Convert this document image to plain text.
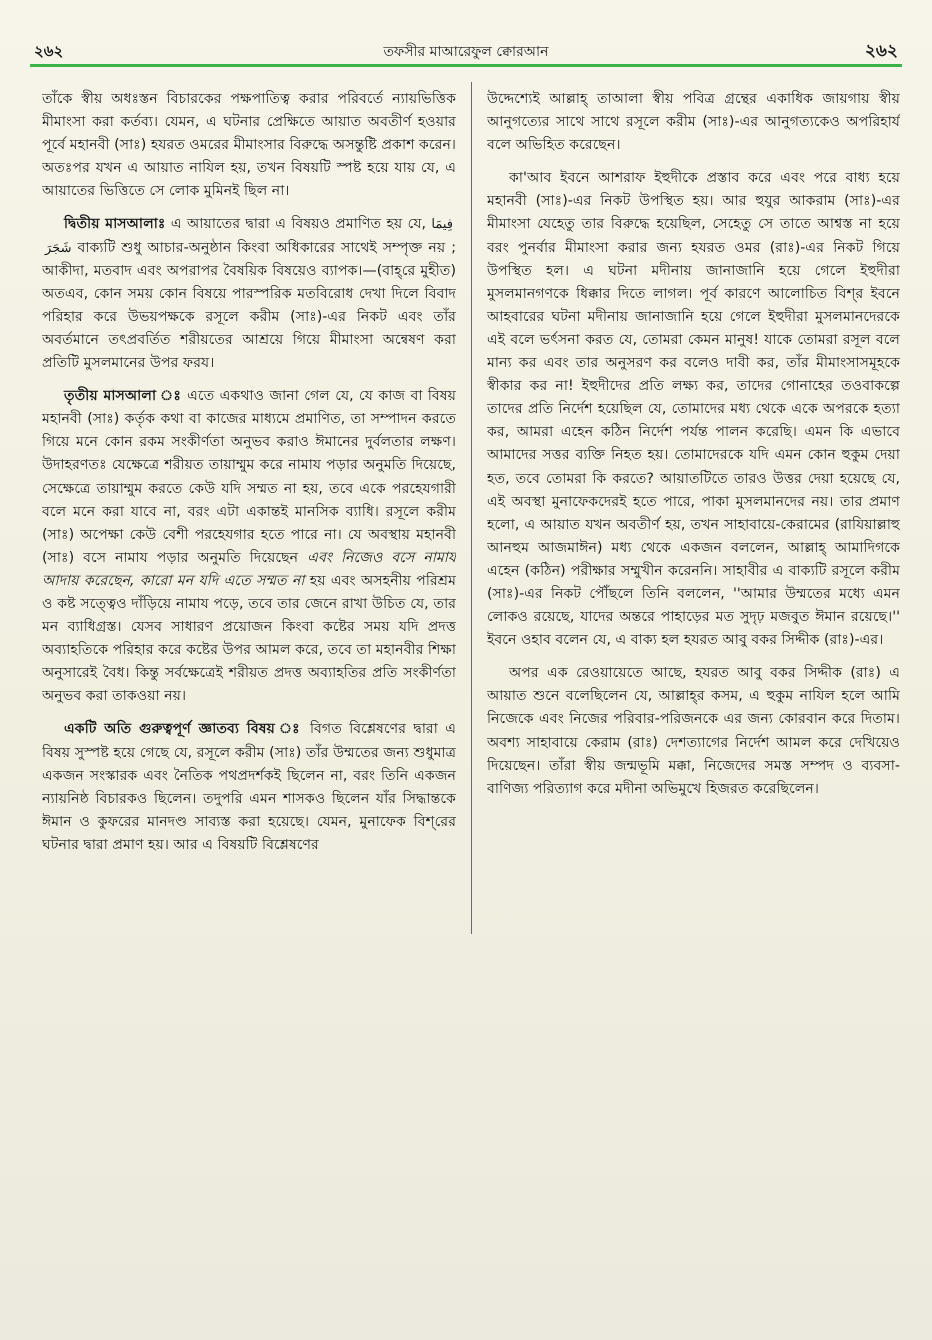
২৬২	তফসীর মাআরেফুল ক্বোরআন	২৬২

তাঁকে স্বীয় অধঃস্তন বিচারকের পক্ষপাতিত্ব করার পরিবর্তে ন্যায়ভিত্তিক মীমাংসা করা কর্তব্য। যেমন, এ ঘটনার প্রেক্ষিতে আয়াত অবতীর্ণ হওয়ার পূর্বে মহানবী (সাঃ) হযরত ওমরের মীমাংসার বিরুদ্ধে অসন্তুষ্টি প্রকাশ করেন। অতঃপর যখন এ আয়াত নাযিল হয়, তখন বিষয়টি স্পষ্ট হয়ে যায় যে, এ আয়াতের ভিত্তিতে সে লোক মুমিনই ছিল না।

দ্বিতীয় মাসআলাঃ এ আয়াতের দ্বারা এ বিষয়ও প্রমাণিত হয় যে, فِيمَا شَجَرَ বাক্যটি শুধু আচার-অনুষ্ঠান কিংবা অধিকারের সাথেই সম্পৃক্ত নয় ; আকীদা, মতবাদ এবং অপরাপর বৈষয়িক বিষয়েও ব্যাপক।—(বাহ্‌রে মুহীত) অতএব, কোন সময় কোন বিষয়ে পারস্পরিক মতবিরোধ দেখা দিলে বিবাদ পরিহার করে উভয়পক্ষকে রসূলে করীম (সাঃ)-এর নিকট এবং তাঁর অবর্তমানে তৎপ্রবর্তিত শরীয়তের আশ্রয়ে গিয়ে মীমাংসা অন্বেষণ করা প্রতিটি মুসলমানের উপর ফরয।

তৃতীয় মাসআলা ঃ এতে একথাও জানা গেল যে, যে কাজ বা বিষয় মহানবী (সাঃ) কর্তৃক কথা বা কাজের মাধ্যমে প্রমাণিত, তা সম্পাদন করতে গিয়ে মনে কোন রকম সংকীর্ণতা অনুভব করাও ঈমানের দুর্বলতার লক্ষণ। উদাহরণতঃ যেক্ষেত্রে শরীয়ত তায়াম্মুম করে নামায পড়ার অনুমতি দিয়েছে, সেক্ষেত্রে তায়াম্মুম করতে কেউ যদি সম্মত না হয়, তবে একে পরহেযগারী বলে মনে করা যাবে না, বরং এটা একান্তই মানসিক ব্যাধি। রসূলে করীম (সাঃ) অপেক্ষা কেউ বেশী পরহেযগার হতে পারে না। যে অবস্থায় মহানবী (সাঃ) বসে নামায পড়ার অনুমতি দিয়েছেন এবং নিজেও বসে নামায আদায় করেছেন, কারো মন যদি এতে সম্মত না হয় এবং অসহনীয় পরিশ্রম ও কষ্ট সত্ত্বেও দাঁড়িয়ে নামায পড়ে, তবে তার জেনে রাখা উচিত যে, তার মন ব্যাধিগ্রস্ত। যেসব সাধারণ প্রয়োজন কিংবা কষ্টের সময় যদি প্রদত্ত অব্যাহতিকে পরিহার করে কষ্টের উপর আমল করে, তবে তা মহানবীর শিক্ষা অনুসারেই বৈধ। কিন্তু সর্বক্ষেত্রেই শরীয়ত প্রদত্ত অব্যাহতির প্রতি সংকীর্ণতা অনুভব করা তাকওয়া নয়।

একটি অতি গুরুত্বপূর্ণ জ্ঞাতব্য বিষয় ঃ বিগত বিশ্লেষণের দ্বারা এ বিষয় সুস্পষ্ট হয়ে গেছে যে, রসূলে করীম (সাঃ) তাঁর উম্মতের জন্য শুধুমাত্র একজন সংস্কারক এবং নৈতিক পথপ্রদর্শকই ছিলেন না, বরং তিনি একজন ন্যায়নিষ্ঠ বিচারকও ছিলেন। তদুপরি এমন শাসকও ছিলেন যাঁর সিদ্ধান্তকে ঈমান ও কুফরের মানদণ্ড সাব্যস্ত করা হয়েছে। যেমন, মুনাফেক বিশ্‌রের ঘটনার দ্বারা প্রমাণ হয়। আর এ বিষয়টি বিশ্লেষণের

উদ্দেশ্যেই আল্লাহ্‌ তাআলা স্বীয় পবিত্র গ্রন্থের একাধিক জায়গায় স্বীয় আনুগত্যের সাথে সাথে রসূলে করীম (সাঃ)-এর আনুগত্যকেও অপরিহার্য বলে অভিহিত করেছেন।

কা'আব ইবনে আশরাফ ইহুদীকে প্রস্তাব করে এবং পরে বাধ্য হয়ে মহানবী (সাঃ)-এর নিকট উপস্থিত হয়। আর হুযুর আকরাম (সাঃ)-এর মীমাংসা যেহেতু তার বিরুদ্ধে হয়েছিল, সেহেতু সে তাতে আশ্বস্ত না হয়ে বরং পুনর্বার মীমাংসা করার জন্য হযরত ওমর (রাঃ)-এর নিকট গিয়ে উপস্থিত হল। এ ঘটনা মদীনায় জানাজানি হয়ে গেলে ইহুদীরা মুসলমানগণকে ধিক্কার দিতে লাগল। পূর্ব কারণে আলোচিত বিশ্‌র ইবনে আহবারের ঘটনা মদীনায় জানাজানি হয়ে গেলে ইহুদীরা মুসলমানদেরকে এই বলে ভর্ৎসনা করত যে, তোমরা কেমন মানুষ! যাকে তোমরা রসূল বলে মান্য কর এবং তার অনুসরণ কর বলেও দাবী কর, তাঁর মীমাংসাসমূহকে স্বীকার কর না! ইহুদীদের প্রতি লক্ষ্য কর, তাদের গোনাহের তওবাকল্পে তাদের প্রতি নির্দেশ হয়েছিল যে, তোমাদের মধ্য থেকে একে অপরকে হত্যা কর, আমরা এহেন কঠিন নির্দেশ পর্যন্ত পালন করেছি। এমন কি এভাবে আমাদের সত্তর ব্যক্তি নিহত হয়। তোমাদেরকে যদি এমন কোন হুকুম দেয়া হত, তবে তোমরা কি করতে? আয়াতটিতে তারও উত্তর দেয়া হয়েছে যে, এই অবস্থা মুনাফেকদেরই হতে পারে, পাকা মুসলমানদের নয়। তার প্রমাণ হলো, এ আয়াত যখন অবতীর্ণ হয়, তখন সাহাবায়ে-কেরামের (রাযিয়াল্লাহু আনহুম আজমাঈন) মধ্য থেকে একজন বললেন, আল্লাহ্‌ আমাদিগকে এহেন (কঠিন) পরীক্ষার সম্মুখীন করেননি। সাহাবীর এ বাক্যটি রসূলে করীম (সাঃ)-এর নিকট পৌঁছলে তিনি বললেন, ''আমার উম্মতের মধ্যে এমন লোকও রয়েছে, যাদের অন্তরে পাহাড়ের মত সুদৃঢ় মজবুত ঈমান রয়েছে।'' ইবনে ওহাব বলেন যে, এ বাক্য হল হযরত আবু বকর সিদ্দীক (রাঃ)-এর।

অপর এক রেওয়ায়েতে আছে, হযরত আবু বকর সিদ্দীক (রাঃ) এ আয়াত শুনে বলেছিলেন যে, আল্লাহ্‌র কসম, এ হুকুম নাযিল হলে আমি নিজেকে এবং নিজের পরিবার-পরিজনকে এর জন্য কোরবান করে দিতাম। অবশ্য সাহাবায়ে কেরাম (রাঃ) দেশত্যাগের নির্দেশ আমল করে দেখিয়েও দিয়েছেন। তাঁরা স্বীয় জন্মভূমি মক্কা, নিজেদের সমস্ত সম্পদ ও ব্যবসা-বাণিজ্য পরিত্যাগ করে মদীনা অভিমুখে হিজরত করেছিলেন।
